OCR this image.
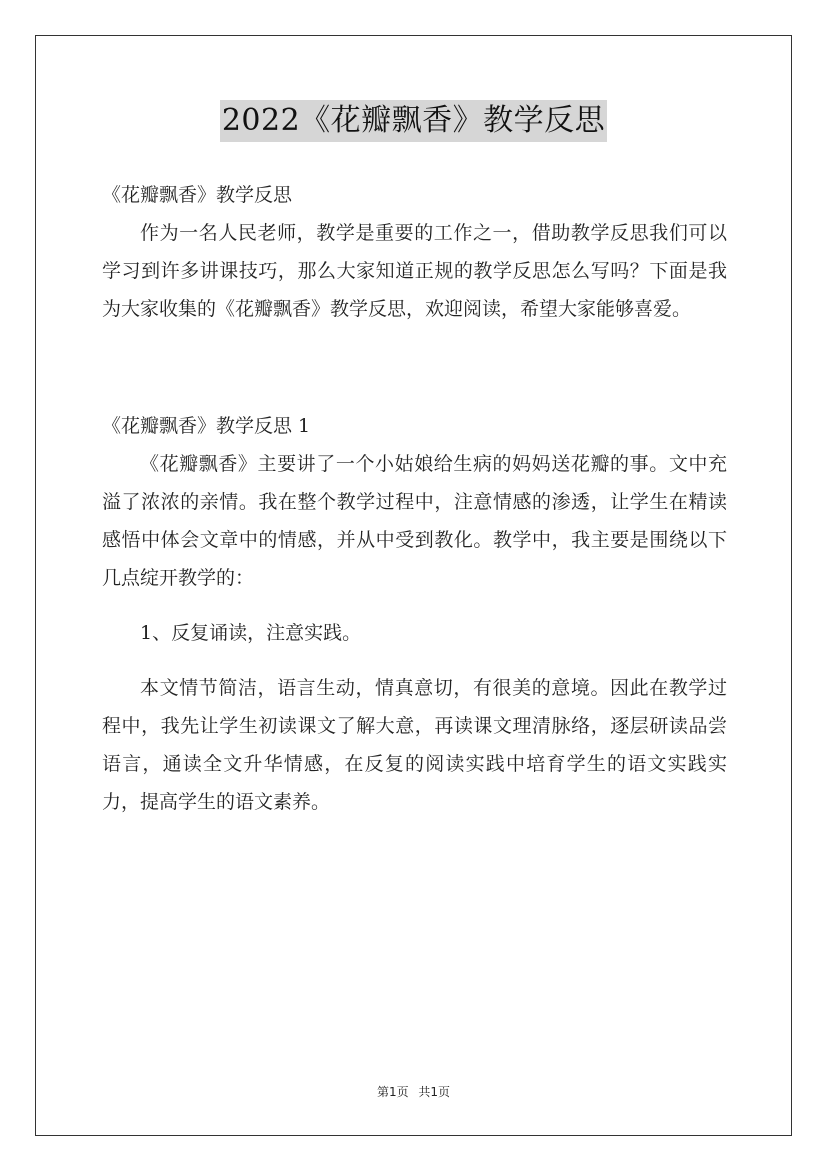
2022《花瓣飘香》教学反思

《花瓣飘香》教学反思

作为一名人民老师，教学是重要的工作之一，借助教学反思我们可以学习到许多讲课技巧，那么大家知道正规的教学反思怎么写吗？下面是我为大家收集的《花瓣飘香》教学反思，欢迎阅读，希望大家能够喜爱。

《花瓣飘香》教学反思 1

《花瓣飘香》主要讲了一个小姑娘给生病的妈妈送花瓣的事。文中充溢了浓浓的亲情。我在整个教学过程中，注意情感的渗透，让学生在精读感悟中体会文章中的情感，并从中受到教化。教学中，我主要是围绕以下几点绽开教学的：

1、反复诵读，注意实践。

本文情节简洁，语言生动，情真意切，有很美的意境。因此在教学过程中，我先让学生初读课文了解大意，再读课文理清脉络，逐层研读品尝语言，通读全文升华情感，在反复的阅读实践中培育学生的语文实践实力，提高学生的语文素养。

第1页 共1页
